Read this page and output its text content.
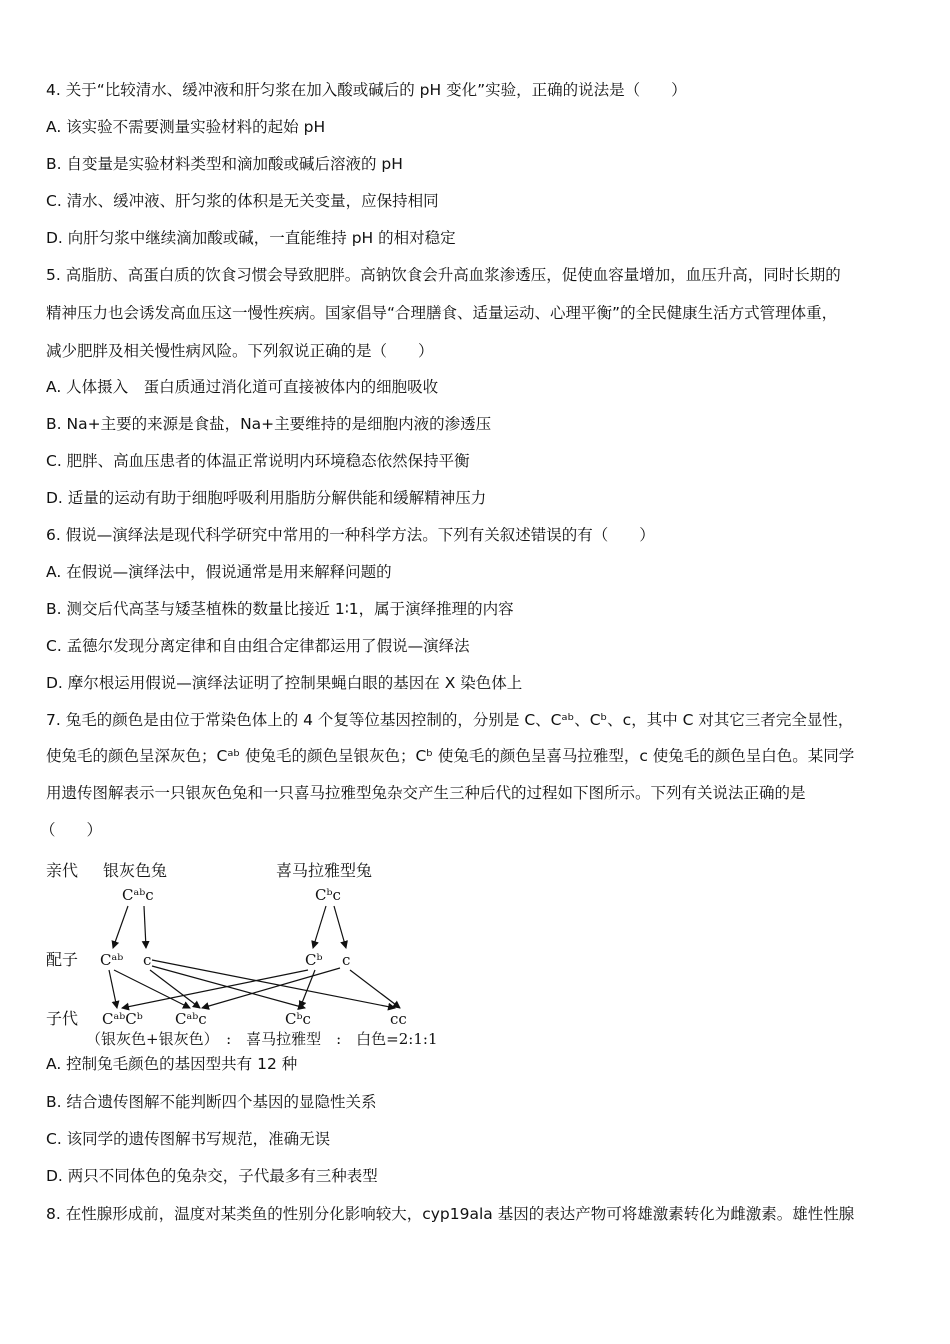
4. 关于“比较清水、缓冲液和肝匀浆在加入酸或碱后的 pH 变化”实验，正确的说法是（　　）
A. 该实验不需要测量实验材料的起始 pH
B. 自变量是实验材料类型和滴加酸或碱后溶液的 pH
C. 清水、缓冲液、肝匀浆的体积是无关变量，应保持相同
D. 向肝匀浆中继续滴加酸或碱，一直能维持 pH 的相对稳定
5. 高脂肪、高蛋白质的饮食习惯会导致肥胖。高钠饮食会升高血浆渗透压，促使血容量增加，血压升高，同时长期的
精神压力也会诱发高血压这一慢性疾病。国家倡导“合理膳食、适量运动、心理平衡”的全民健康生活方式管理体重，
减少肥胖及相关慢性病风险。下列叙说正确的是（　　）
A. 人体摄入　蛋白质通过消化道可直接被体内的细胞吸收
B. Na+主要的来源是食盐，Na+主要维持的是细胞内液的渗透压
C. 肥胖、高血压患者的体温正常说明内环境稳态依然保持平衡
D. 适量的运动有助于细胞呼吸利用脂肪分解供能和缓解精神压力
6. 假说—演绎法是现代科学研究中常用的一种科学方法。下列有关叙述错误的有（　　）
A. 在假说—演绎法中，假说通常是用来解释问题的
B. 测交后代高茎与矮茎植株的数量比接近 1∶1，属于演绎推理的内容
C. 孟德尔发现分离定律和自由组合定律都运用了假说—演绎法
D. 摩尔根运用假说—演绎法证明了控制果蝇白眼的基因在 X 染色体上
7. 兔毛的颜色是由位于常染色体上的 4 个复等位基因控制的，分别是 C、Cᵃᵇ、Cᵇ、c，其中 C 对其它三者完全显性，
使兔毛的颜色呈深灰色；Cᵃᵇ 使兔毛的颜色呈银灰色；Cᵇ 使兔毛的颜色呈喜马拉雅型，c 使兔毛的颜色呈白色。某同学
用遗传图解表示一只银灰色兔和一只喜马拉雅型兔杂交产生三种后代的过程如下图所示。下列有关说法正确的是
（　　）
亲代 银灰色兔	喜马拉雅型兔
Cᵃᵇc	Cᵇc
配子 Cᵃᵇ c	Cᵇ c
子代 CᵃᵇCᵇ Cᵃᵇc	Cᵇc	cc
（银灰色+银灰色）　:　喜马拉雅型　:　白色=2:1:1
A. 控制兔毛颜色的基因型共有 12 种
B. 结合遗传图解不能判断四个基因的显隐性关系
C. 该同学的遗传图解书写规范，准确无误
D. 两只不同体色的兔杂交，子代最多有三种表型
8. 在性腺形成前，温度对某类鱼的性别分化影响较大，cyp19ala 基因的表达产物可将雄激素转化为雌激素。雄性性腺
